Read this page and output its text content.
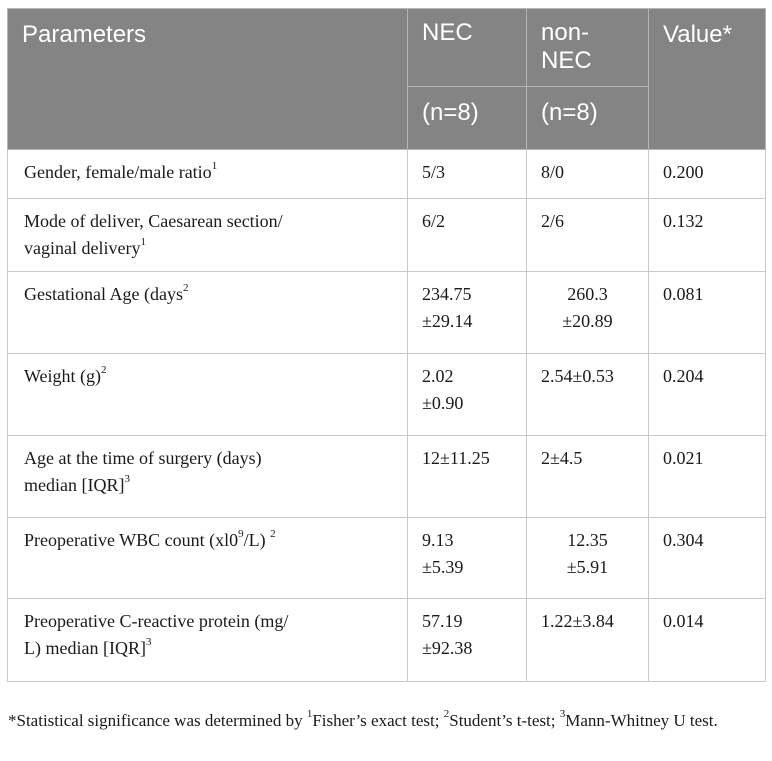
Parameters	NEC	non-NEC	Value*
	(n=8)	(n=8)	
Gender, female/male ratio$^1$	5/3	8/0	0.200
Mode of deliver, Caesarean section/
vaginal delivery$^1$	6/2	2/6	0.132
Gestational Age (days$^2$	234.75
±29.14	260.3
±20.89	0.081
Weight $(g)^2$	2.02
±0.90	2.54±0.53	0.204
Age at the time of surgery (days)
median [IQR]$^3$	12±11.25	2±4.5	0.021
Preoperative WBC count $(xl0^9/L)$ $^2$	9.13
±5.39	12.35
±5.91	0.304
Preoperative C-reactive protein (mg/
L) median [IQR]$^3$	57.19
±92.38	1.22±3.84	0.014
*Statistical significance was determined by $^1$Fisher’s exact test; $^2$Student’s t-test; $^3$Mann-Whitney U test.
